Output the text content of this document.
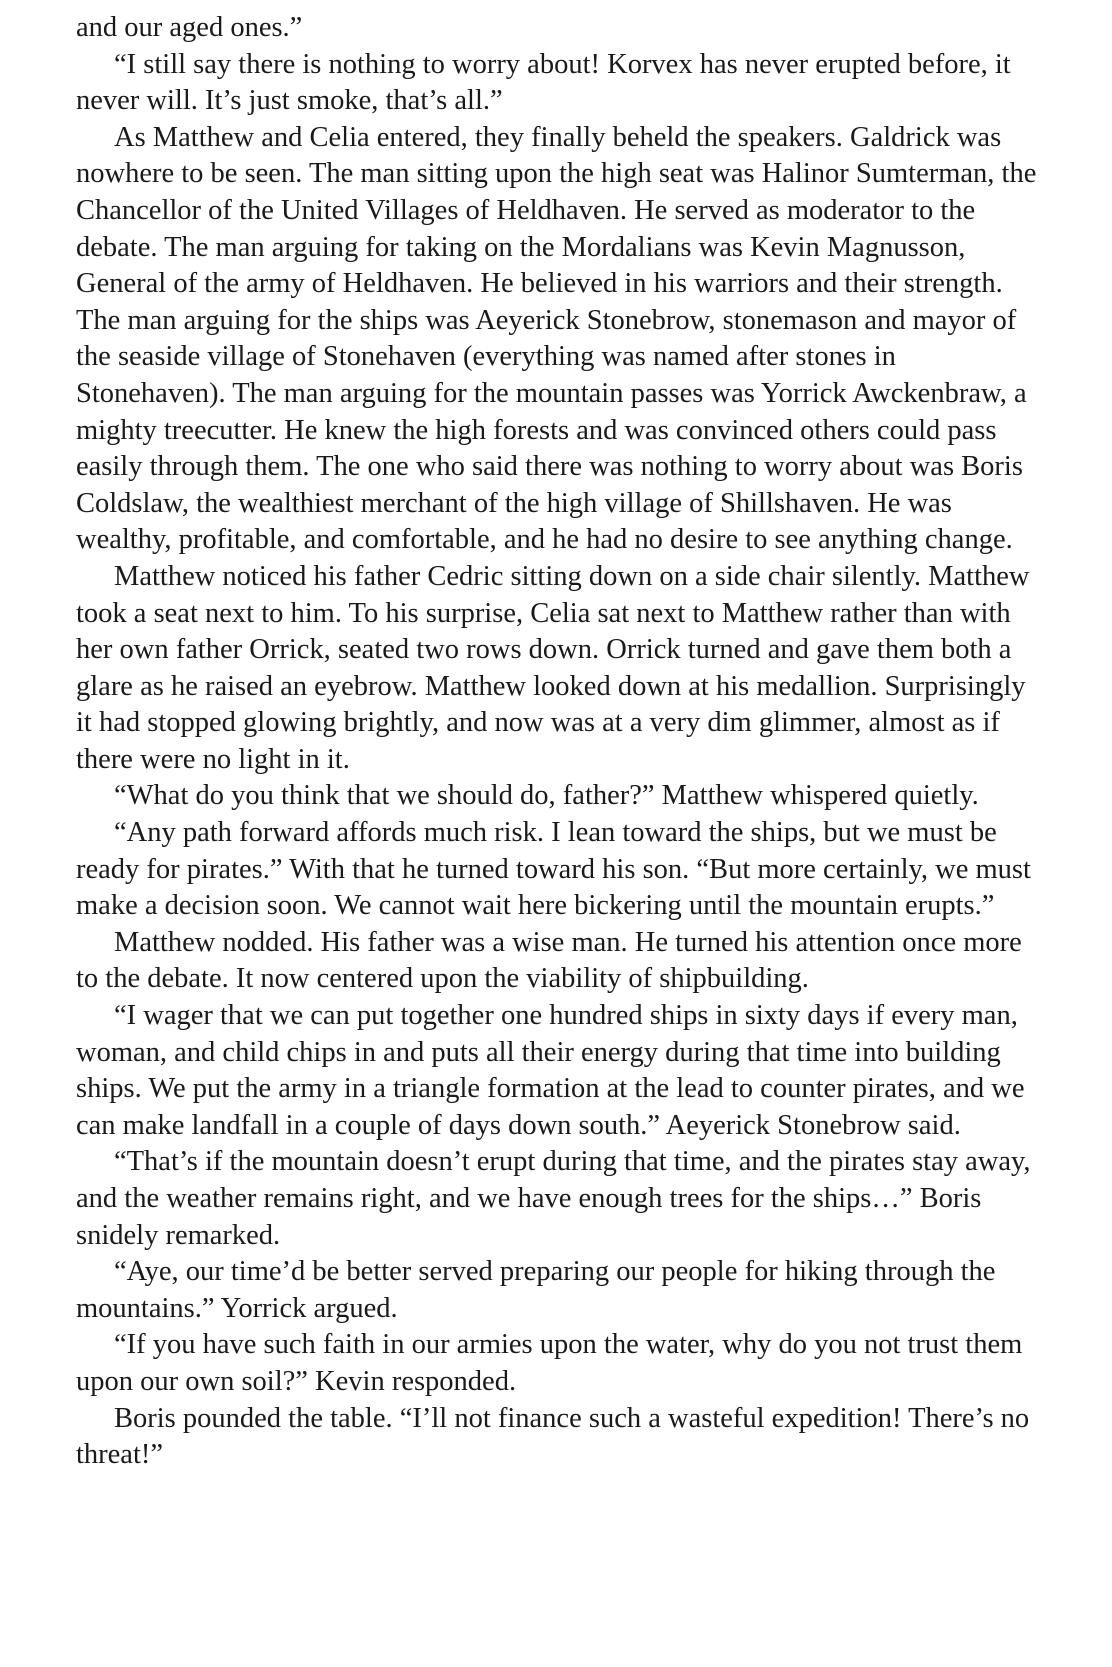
and our aged ones.”

“I still say there is nothing to worry about! Korvex has never erupted before, it never will. It’s just smoke, that’s all.”

As Matthew and Celia entered, they finally beheld the speakers. Galdrick was nowhere to be seen. The man sitting upon the high seat was Halinor Sumterman, the Chancellor of the United Villages of Heldhaven. He served as moderator to the debate. The man arguing for taking on the Mordalians was Kevin Magnusson, General of the army of Heldhaven. He believed in his warriors and their strength. The man arguing for the ships was Aeyerick Stonebrow, stonemason and mayor of the seaside village of Stonehaven (everything was named after stones in Stonehaven). The man arguing for the mountain passes was Yorrick Awckenbraw, a mighty treecutter. He knew the high forests and was convinced others could pass easily through them. The one who said there was nothing to worry about was Boris Coldslaw, the wealthiest merchant of the high village of Shillshaven. He was wealthy, profitable, and comfortable, and he had no desire to see anything change.

Matthew noticed his father Cedric sitting down on a side chair silently. Matthew took a seat next to him. To his surprise, Celia sat next to Matthew rather than with her own father Orrick, seated two rows down. Orrick turned and gave them both a glare as he raised an eyebrow. Matthew looked down at his medallion. Surprisingly it had stopped glowing brightly, and now was at a very dim glimmer, almost as if there were no light in it.

“What do you think that we should do, father?” Matthew whispered quietly.

“Any path forward affords much risk. I lean toward the ships, but we must be ready for pirates.” With that he turned toward his son. “But more certainly, we must make a decision soon. We cannot wait here bickering until the mountain erupts.”

Matthew nodded. His father was a wise man. He turned his attention once more to the debate. It now centered upon the viability of shipbuilding.

“I wager that we can put together one hundred ships in sixty days if every man, woman, and child chips in and puts all their energy during that time into building ships. We put the army in a triangle formation at the lead to counter pirates, and we can make landfall in a couple of days down south.” Aeyerick Stonebrow said.

“That’s if the mountain doesn’t erupt during that time, and the pirates stay away, and the weather remains right, and we have enough trees for the ships…” Boris snidely remarked.

“Aye, our time’d be better served preparing our people for hiking through the mountains.” Yorrick argued.

“If you have such faith in our armies upon the water, why do you not trust them upon our own soil?” Kevin responded.

Boris pounded the table. “I’ll not finance such a wasteful expedition! There’s no threat!”
